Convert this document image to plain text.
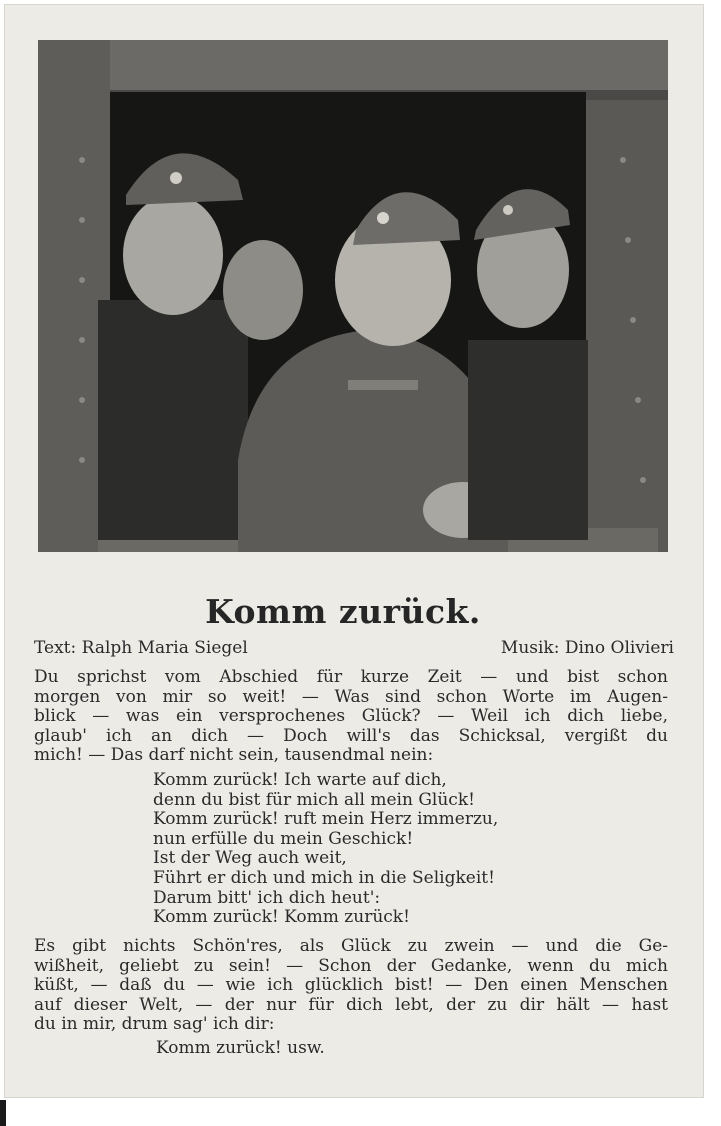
Komm zurück.
Text: Ralph Maria Siegel	Musik: Dino Olivieri
Du sprichst vom Abschied für kurze Zeit — und bist schon
morgen von mir so weit! — Was sind schon Worte im Augen-
blick — was ein versprochenes Glück? — Weil ich dich liebe,
glaub' ich an dich — Doch will's das Schicksal, vergißt du
mich! — Das darf nicht sein, tausendmal nein:
Komm zurück! Ich warte auf dich,
denn du bist für mich all mein Glück!
Komm zurück! ruft mein Herz immerzu,
nun erfülle du mein Geschick!
Ist der Weg auch weit,
Führt er dich und mich in die Seligkeit!
Darum bitt' ich dich heut':
Komm zurück! Komm zurück!
Es gibt nichts Schön'res, als Glück zu zwein — und die Ge-
wißheit, geliebt zu sein! — Schon der Gedanke, wenn du mich
küßt, — daß du — wie ich glücklich bist! — Den einen Menschen
auf dieser Welt, — der nur für dich lebt, der zu dir hält — hast
du in mir, drum sag' ich dir:
Komm zurück! usw.
